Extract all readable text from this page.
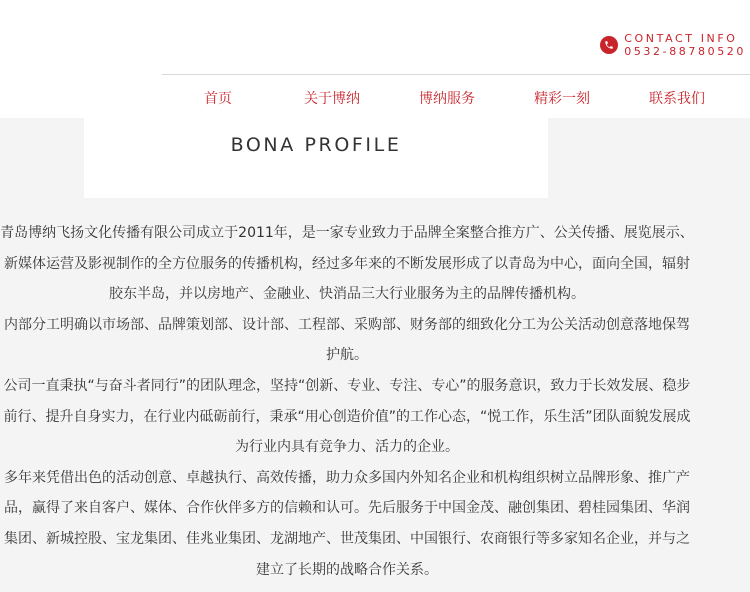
CONTACT INFO
0532-88780520
首页	关于博纳	博纳服务	精彩一刻	联系我们
BONA PROFILE

青岛博纳飞扬文化传播有限公司成立于2011年，是一家专业致力于品牌全案整合推方广、公关传播、展览展示、新媒体运营及影视制作的全方位服务的传播机构，经过多年来的不断发展形成了以青岛为中心，面向全国，辐射胶东半岛，并以房地产、金融业、快消品三大行业服务为主的品牌传播机构。

内部分工明确以市场部、品牌策划部、设计部、工程部、采购部、财务部的细致化分工为公关活动创意落地保驾护航。

公司一直秉执“与奋斗者同行”的团队理念，坚持“创新、专业、专注、专心”的服务意识，致力于长效发展、稳步前行、提升自身实力，在行业内砥砺前行，秉承“用心创造价值”的工作心态，“悦工作，乐生活”团队面貌发展成为行业内具有竞争力、活力的企业。

多年来凭借出色的活动创意、卓越执行、高效传播，助力众多国内外知名企业和机构组织树立品牌形象、推广产品，赢得了来自客户、媒体、合作伙伴多方的信赖和认可。先后服务于中国金茂、融创集团、碧桂园集团、华润集团、新城控股、宝龙集团、佳兆业集团、龙湖地产、世茂集团、中国银行、农商银行等多家知名企业，并与之建立了长期的战略合作关系。
